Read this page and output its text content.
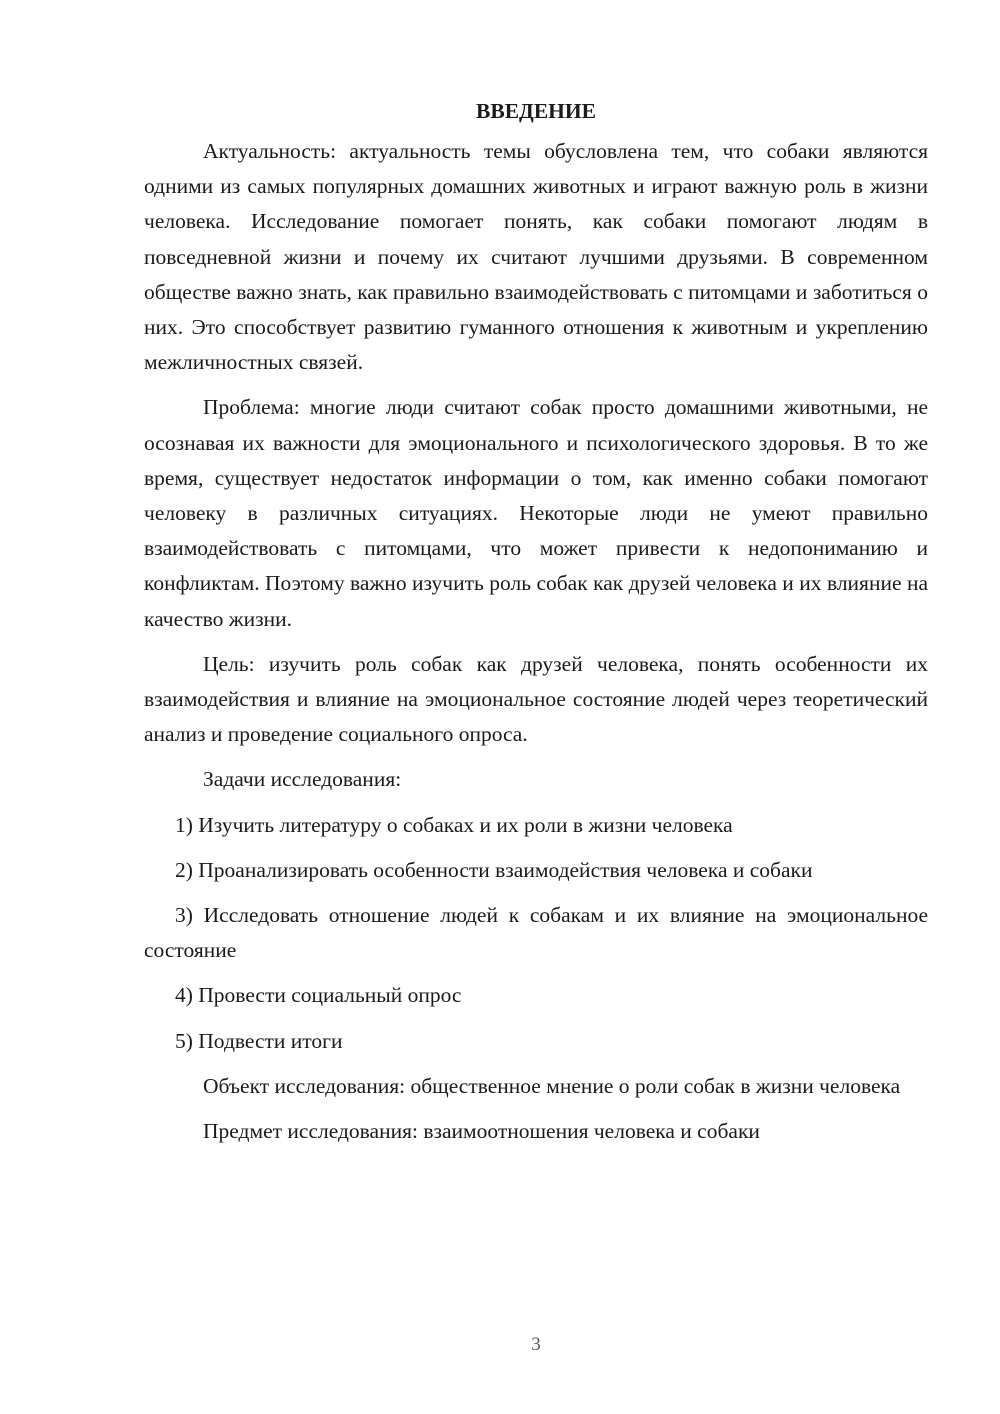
ВВЕДЕНИЕ

Актуальность: актуальность темы обусловлена тем, что собаки являются одними из самых популярных домашних животных и играют важную роль в жизни человека. Исследование помогает понять, как собаки помогают людям в повседневной жизни и почему их считают лучшими друзьями. В современном обществе важно знать, как правильно взаимодействовать с питомцами и заботиться о них. Это способствует развитию гуманного отношения к животным и укреплению межличностных связей.

Проблема: многие люди считают собак просто домашними животными, не осознавая их важности для эмоционального и психологического здоровья. В то же время, существует недостаток информации о том, как именно собаки помогают человеку в различных ситуациях. Некоторые люди не умеют правильно взаимодействовать с питомцами, что может привести к недопониманию и конфликтам. Поэтому важно изучить роль собак как друзей человека и их влияние на качество жизни.

Цель: изучить роль собак как друзей человека, понять особенности их взаимодействия и влияние на эмоциональное состояние людей через теоретический анализ и проведение социального опроса.

Задачи исследования:

1) Изучить литературу о собаках и их роли в жизни человека

2) Проанализировать особенности взаимодействия человека и собаки

3) Исследовать отношение людей к собакам и их влияние на эмоциональное состояние

4) Провести социальный опрос

5) Подвести итоги

Объект исследования: общественное мнение о роли собак в жизни человека

Предмет исследования: взаимоотношения человека и собаки

3
